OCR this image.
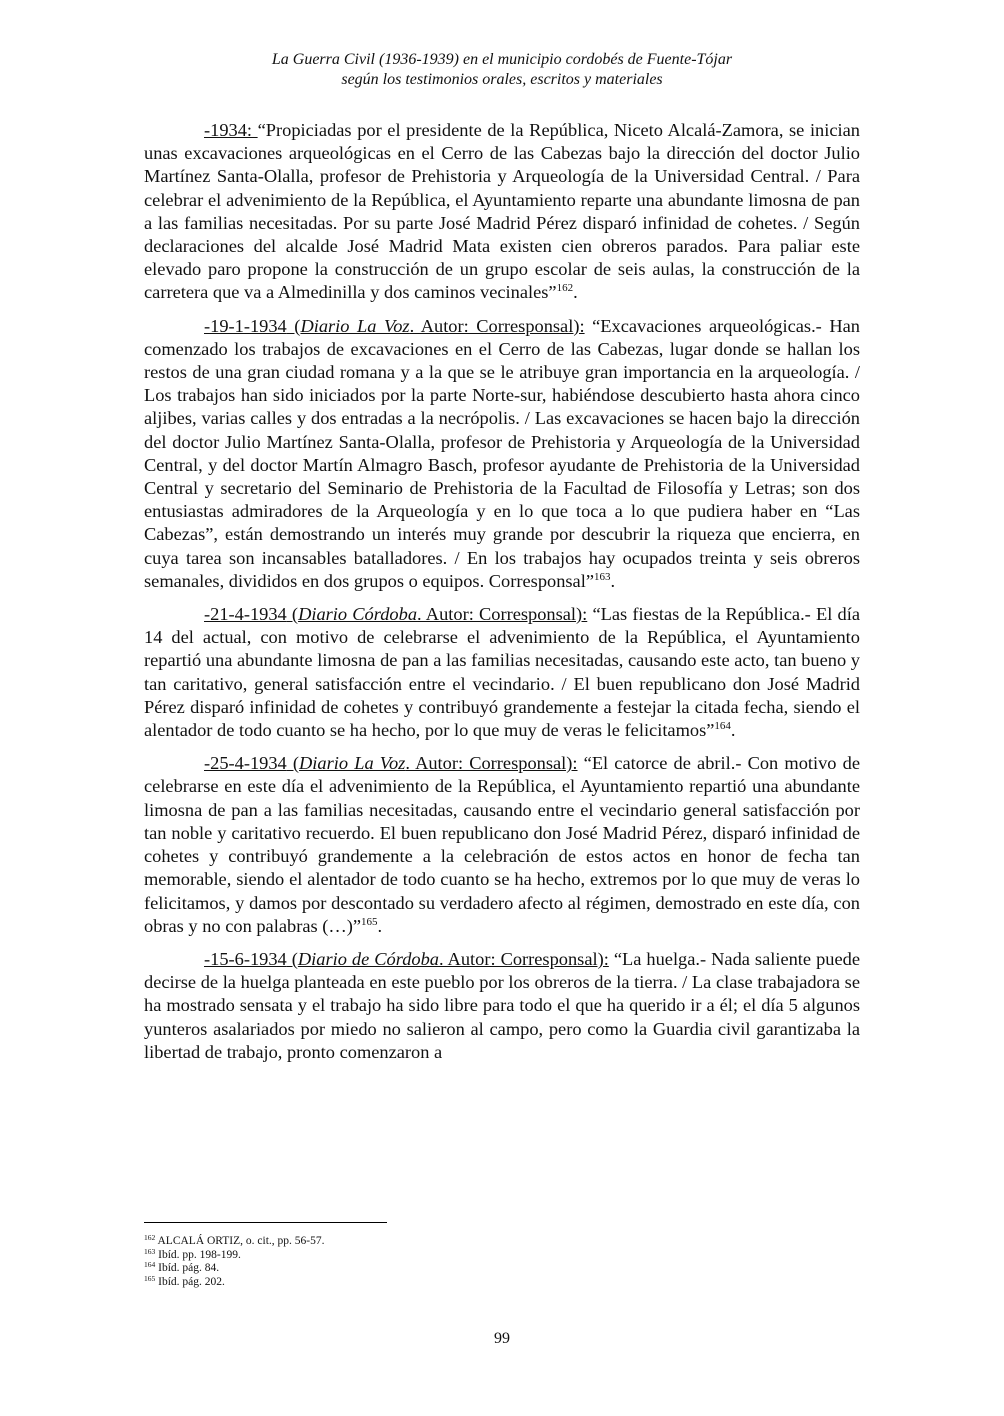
La Guerra Civil (1936-1939) en el municipio cordobés de Fuente-Tójar
según los testimonios orales, escritos y materiales

-1934: “Propiciadas por el presidente de la República, Niceto Alcalá-Zamora, se inician unas excavaciones arqueológicas en el Cerro de las Cabezas bajo la dirección del doctor Julio Martínez Santa-Olalla, profesor de Prehistoria y Arqueología de la Universidad Central. / Para celebrar el advenimiento de la República, el Ayuntamiento reparte una abundante limosna de pan a las familias necesitadas. Por su parte José Madrid Pérez disparó infinidad de cohetes. / Según declaraciones del alcalde José Madrid Mata existen cien obreros parados. Para paliar este elevado paro propone la construcción de un grupo escolar de seis aulas, la construcción de la carretera que va a Almedinilla y dos caminos vecinales”$^{162}$.

-19-1-1934 (Diario La Voz. Autor: Corresponsal): “Excavaciones arqueológicas.- Han comenzado los trabajos de excavaciones en el Cerro de las Cabezas, lugar donde se hallan los restos de una gran ciudad romana y a la que se le atribuye gran importancia en la arqueología. / Los trabajos han sido iniciados por la parte Norte-sur, habiéndose descubierto hasta ahora cinco aljibes, varias calles y dos entradas a la necrópolis. / Las excavaciones se hacen bajo la dirección del doctor Julio Martínez Santa-Olalla, profesor de Prehistoria y Arqueología de la Universidad Central, y del doctor Martín Almagro Basch, profesor ayudante de Prehistoria de la Universidad Central y secretario del Seminario de Prehistoria de la Facultad de Filosofía y Letras; son dos entusiastas admiradores de la Arqueología y en lo que toca a lo que pudiera haber en “Las Cabezas”, están demostrando un interés muy grande por descubrir la riqueza que encierra, en cuya tarea son incansables batalladores. / En los trabajos hay ocupados treinta y seis obreros semanales, divididos en dos grupos o equipos. Corresponsal”$^{163}$.

-21-4-1934 (Diario Córdoba. Autor: Corresponsal): “Las fiestas de la República.- El día 14 del actual, con motivo de celebrarse el advenimiento de la República, el Ayuntamiento repartió una abundante limosna de pan a las familias necesitadas, causando este acto, tan bueno y tan caritativo, general satisfacción entre el vecindario. / El buen republicano don José Madrid Pérez disparó infinidad de cohetes y contribuyó grandemente a festejar la citada fecha, siendo el alentador de todo cuanto se ha hecho, por lo que muy de veras le felicitamos”$^{164}$.

-25-4-1934 (Diario La Voz. Autor: Corresponsal): “El catorce de abril.- Con motivo de celebrarse en este día el advenimiento de la República, el Ayuntamiento repartió una abundante limosna de pan a las familias necesitadas, causando entre el vecindario general satisfacción por tan noble y caritativo recuerdo. El buen republicano don José Madrid Pérez, disparó infinidad de cohetes y contribuyó grandemente a la celebración de estos actos en honor de fecha tan memorable, siendo el alentador de todo cuanto se ha hecho, extremos por lo que muy de veras lo felicitamos, y damos por descontado su verdadero afecto al régimen, demostrado en este día, con obras y no con palabras (…)”$^{165}$.

-15-6-1934 (Diario de Córdoba. Autor: Corresponsal): “La huelga.- Nada saliente puede decirse de la huelga planteada en este pueblo por los obreros de la tierra. / La clase trabajadora se ha mostrado sensata y el trabajo ha sido libre para todo el que ha querido ir a él; el día 5 algunos yunteros asalariados por miedo no salieron al campo, pero como la Guardia civil garantizaba la libertad de trabajo, pronto comenzaron a

$^{162}$ ALCALÁ ORTIZ, o. cit., pp. 56-57.
$^{163}$ Ibíd. pp. 198-199.
$^{164}$ Ibíd. pág. 84.
$^{165}$ Ibíd. pág. 202.
99
